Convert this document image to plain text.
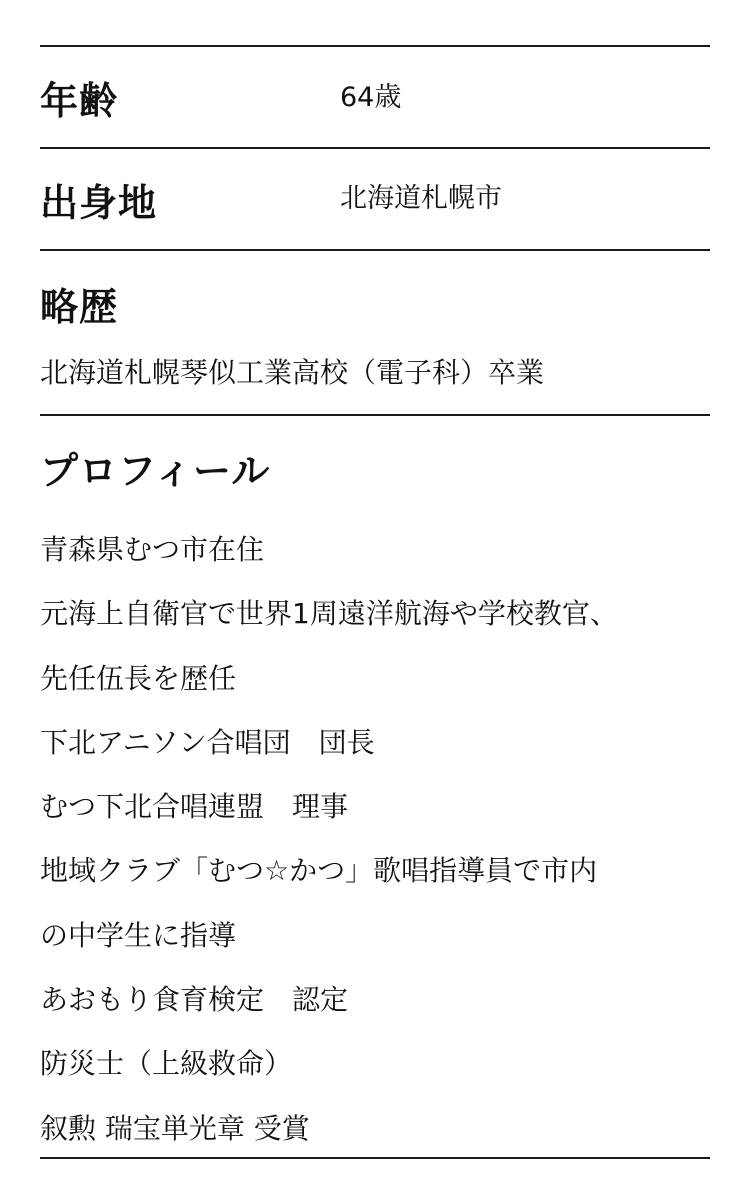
年齢	64歳
出身地	北海道札幌市
略歴
北海道札幌琴似工業高校（電子科）卒業
プロフィール
青森県むつ市在住
元海上自衛官で世界1周遠洋航海や学校教官、
先任伍長を歴任
下北アニソン合唱団　団長
むつ下北合唱連盟　理事
地域クラブ「むつ☆かつ」歌唱指導員で市内
の中学生に指導
あおもり食育検定　認定
防災士（上級救命）
叙勲 瑞宝単光章 受賞
